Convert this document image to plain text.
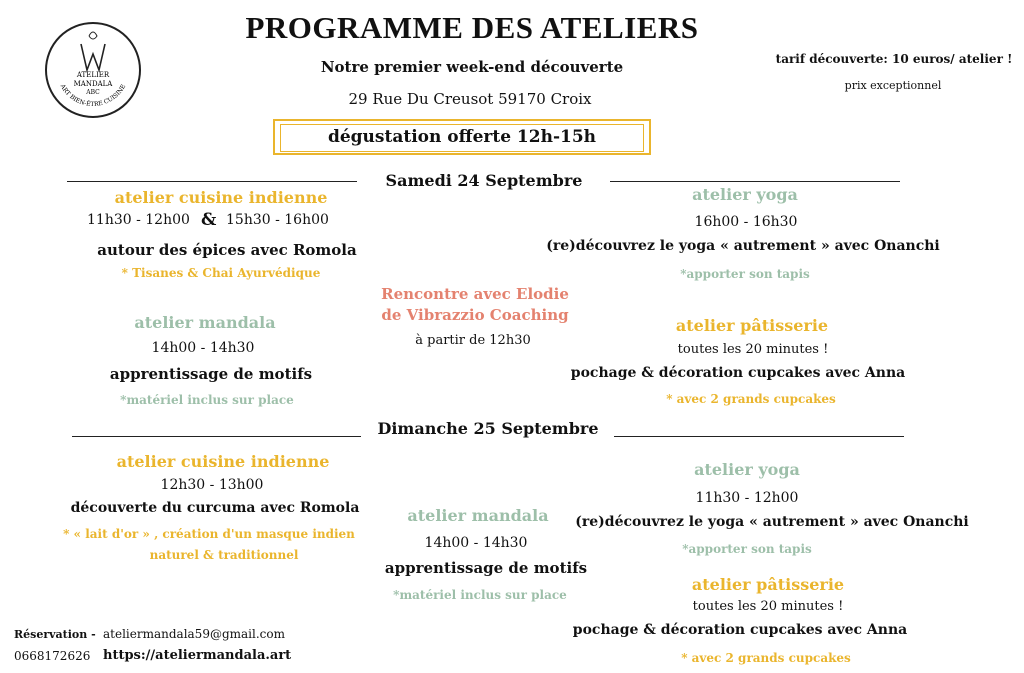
ATELIER
MANDALA
ABC
ART BIEN-ÊTRE CUISINE
PROGRAMME DES ATELIERS
Notre premier week-end découverte
29 Rue Du Creusot 59170 Croix
dégustation offerte 12h-15h
tarif découverte: 10 euros/ atelier !
prix exceptionnel
Samedi 24 Septembre
atelier cuisine indienne
11h30 - 12h00 & 15h30 - 16h00
autour des épices avec Romola
* Tisanes & Chai Ayurvédique
atelier mandala
14h00 - 14h30
apprentissage de motifs
*matériel inclus sur place
Rencontre avec Elodie
de Vibrazzio Coaching
à partir de 12h30
atelier yoga
16h00 - 16h30
(re)découvrez le yoga « autrement » avec Onanchi
*apporter son tapis
atelier pâtisserie
toutes les 20 minutes !
pochage & décoration cupcakes avec Anna
* avec 2 grands cupcakes
Dimanche 25 Septembre
atelier cuisine indienne
12h30 - 13h00
découverte du curcuma avec Romola
* « lait d'or » , création d'un masque indien
naturel & traditionnel
atelier mandala
14h00 - 14h30
apprentissage de motifs
*matériel inclus sur place
atelier yoga
11h30 - 12h00
(re)découvrez le yoga « autrement » avec Onanchi
*apporter son tapis
atelier pâtisserie
toutes les 20 minutes !
pochage & décoration cupcakes avec Anna
* avec 2 grands cupcakes
Réservation - ateliermandala59@gmail.com
0668172626 https://ateliermandala.art
